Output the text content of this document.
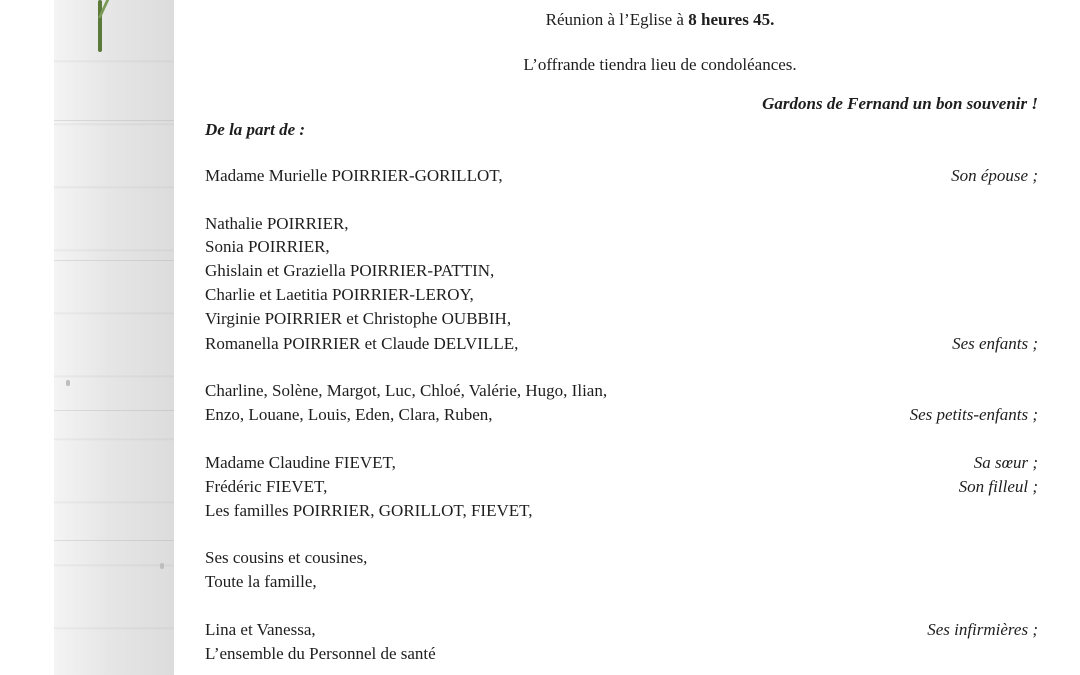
Réunion à l’Eglise à 8 heures 45.
L’offrande tiendra lieu de condoléances.
Gardons de Fernand un bon souvenir !
De la part de :
Madame Murielle POIRRIER-GORILLOT,	Son épouse ;
Nathalie POIRRIER,
Sonia POIRRIER,
Ghislain et Graziella POIRRIER-PATTIN,
Charlie et Laetitia POIRRIER-LEROY,
Virginie POIRRIER et Christophe OUBBIH,
Romanella POIRRIER et Claude DELVILLE,	Ses enfants ;
Charline, Solène, Margot, Luc, Chloé, Valérie, Hugo, Ilian,
Enzo, Louane, Louis, Eden, Clara, Ruben,	Ses petits-enfants ;
Madame Claudine FIEVET,	Sa sœur ;
Frédéric FIEVET,	Son filleul ;
Les familles POIRRIER, GORILLOT, FIEVET,
Ses cousins et cousines,
Toute la famille,
Lina et Vanessa,	Ses infirmières ;
L’ensemble du Personnel de santé
